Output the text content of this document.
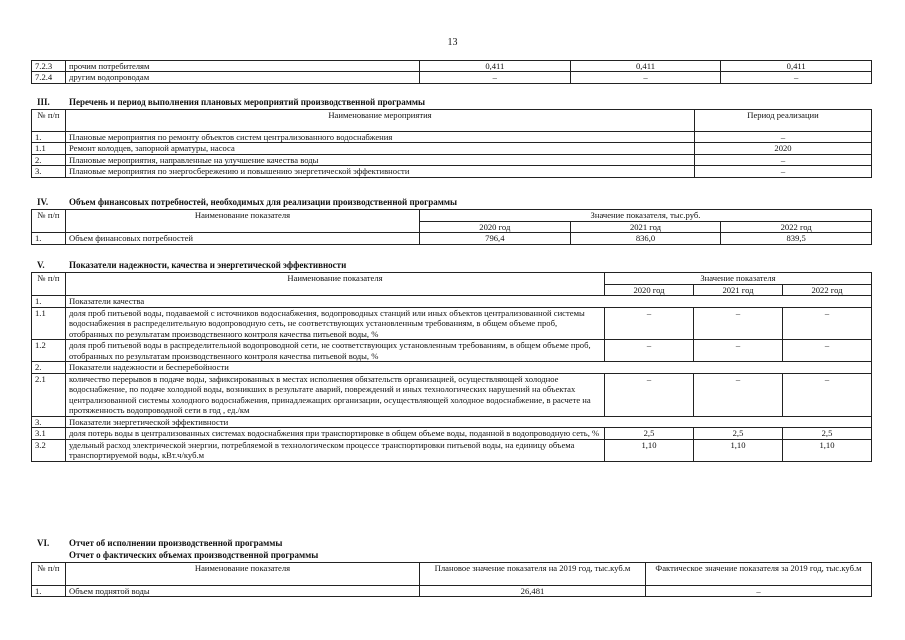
13
7.2.3	прочим потребителям	0,411	0,411	0,411
7.2.4	другим водопроводам	–	–	–
III. Перечень и период выполнения плановых мероприятий производственной программы
№ п/п	Наименование мероприятия	Период реализации
1.	Плановые мероприятия по ремонту объектов систем централизованного водоснабжения	–
1.1	Ремонт колодцев, запорной арматуры, насоса	2020
2.	Плановые мероприятия, направленные на улучшение качества воды	–
3.	Плановые мероприятия по энергосбережению и повышению энергетической эффективности	–
IV. Объем финансовых потребностей, необходимых для реализации производственной программы
№ п/п	Наименование показателя	Значение показателя, тыс.руб.		
		2020 год	2021 год	2022 год
1.	Объем финансовых потребностей	796,4	836,0	839,5
V.	Показатели надежности, качества и энергетической эффективности
№ п/п	Наименование показателя	Значение показателя		
		2020 год	2021 год	2022 год
1.	Показатели качества			
1.1	доля проб питьевой воды, подаваемой с источников водоснабжения, водопроводных станций или иных объектов централизованной системы водоснабжения в распределительную водопроводную сеть, не соответствующих установленным требованиям, в общем объеме проб, отобранных по результатам производственного контроля качества питьевой воды, %	–	–	–
1.2	доля проб питьевой воды в распределительной водопроводной сети, не соответствующих установленным требованиям, в общем объеме проб, отобранных по результатам производственного контроля качества питьевой воды, %	–	–	–
2.	Показатели надежности и бесперебойности			
2.1	количество перерывов в подаче воды, зафиксированных в местах исполнения обязательств организацией, осуществляющей холодное водоснабжение, по подаче холодной воды, возникших в результате аварий, повреждений и иных технологических нарушений на объектах централизованной системы холодного водоснабжения, принадлежащих организации, осуществляющей холодное водоснабжение, в расчете на протяженность водопроводной сети в год , ед./км	–	–	–
3.	Показатели энергетической эффективности			
3.1	доля потерь воды в централизованных системах водоснабжения при транспортировке в общем объеме воды, поданной в водопроводную сеть, %	2,5	2,5	2,5
3.2	удельный расход электрической энергии, потребляемой в технологическом процессе транспортировки питьевой воды, на единицу объема транспортируемой воды, кВт.ч/куб.м	1,10	1,10	1,10
VI. Отчет об исполнении производственной программы
Отчет о фактических объемах производственной программы
№ п/п	Наименование показателя	Плановое значение показателя на 2019 год, тыс.куб.м	Фактическое значение показателя за 2019 год, тыс.куб.м
1.	Объем поднятой воды	26,481	–
